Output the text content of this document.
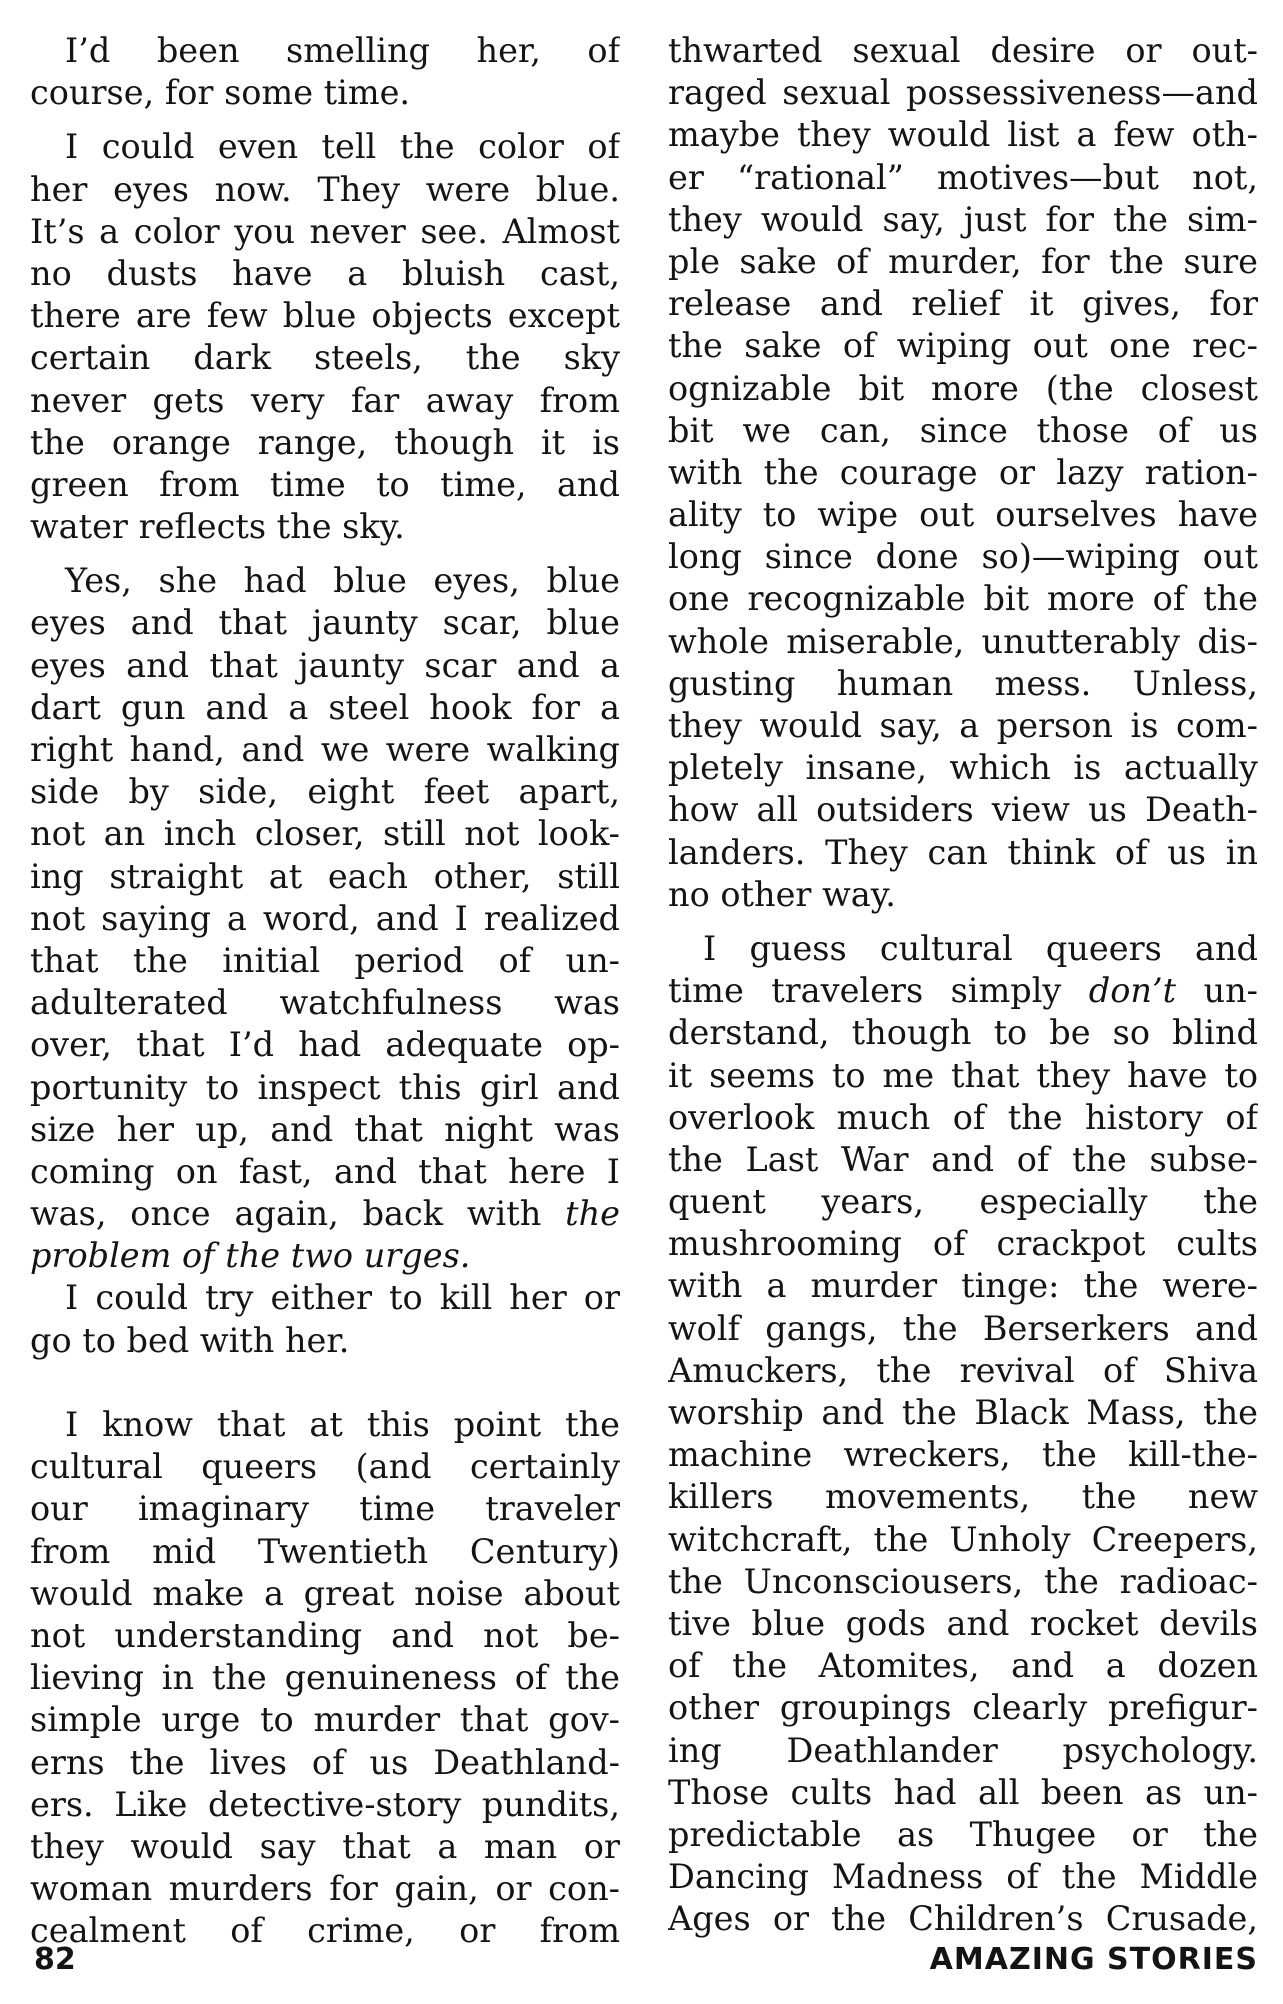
I’d been smelling her, of
course, for some time.
I could even tell the color of
her eyes now. They were blue.
It’s a color you never see. Almost
no dusts have a bluish cast,
there are few blue objects except
certain dark steels, the sky
never gets very far away from
the orange range, though it is
green from time to time, and
water reflects the sky.
Yes, she had blue eyes, blue
eyes and that jaunty scar, blue
eyes and that jaunty scar and a
dart gun and a steel hook for a
right hand, and we were walking
side by side, eight feet apart,
not an inch closer, still not look-
ing straight at each other, still
not saying a word, and I realized
that the initial period of un-
adulterated watchfulness was
over, that I’d had adequate op-
portunity to inspect this girl and
size her up, and that night was
coming on fast, and that here I
was, once again, back with the
problem of the two urges.
I could try either to kill her or
go to bed with her.
I know that at this point the
cultural queers (and certainly
our imaginary time traveler
from mid Twentieth Century)
would make a great noise about
not understanding and not be-
lieving in the genuineness of the
simple urge to murder that gov-
erns the lives of us Deathland-
ers. Like detective-story pundits,
they would say that a man or
woman murders for gain, or con-
cealment of crime, or from
thwarted sexual desire or out-
raged sexual possessiveness—and
maybe they would list a few oth-
er “rational” motives—but not,
they would say, just for the sim-
ple sake of murder, for the sure
release and relief it gives, for
the sake of wiping out one rec-
ognizable bit more (the closest
bit we can, since those of us
with the courage or lazy ration-
ality to wipe out ourselves have
long since done so)—wiping out
one recognizable bit more of the
whole miserable, unutterably dis-
gusting human mess. Unless,
they would say, a person is com-
pletely insane, which is actually
how all outsiders view us Death-
landers. They can think of us in
no other way.
I guess cultural queers and
time travelers simply don’t un-
derstand, though to be so blind
it seems to me that they have to
overlook much of the history of
the Last War and of the subse-
quent years, especially the
mushrooming of crackpot cults
with a murder tinge: the were-
wolf gangs, the Berserkers and
Amuckers, the revival of Shiva
worship and the Black Mass, the
machine wreckers, the kill-the-
killers movements, the new
witchcraft, the Unholy Creepers,
the Unconsciousers, the radioac-
tive blue gods and rocket devils
of the Atomites, and a dozen
other groupings clearly prefigur-
ing Deathlander psychology.
Those cults had all been as un-
predictable as Thugee or the
Dancing Madness of the Middle
Ages or the Children’s Crusade,
82	AMAZING STORIES
